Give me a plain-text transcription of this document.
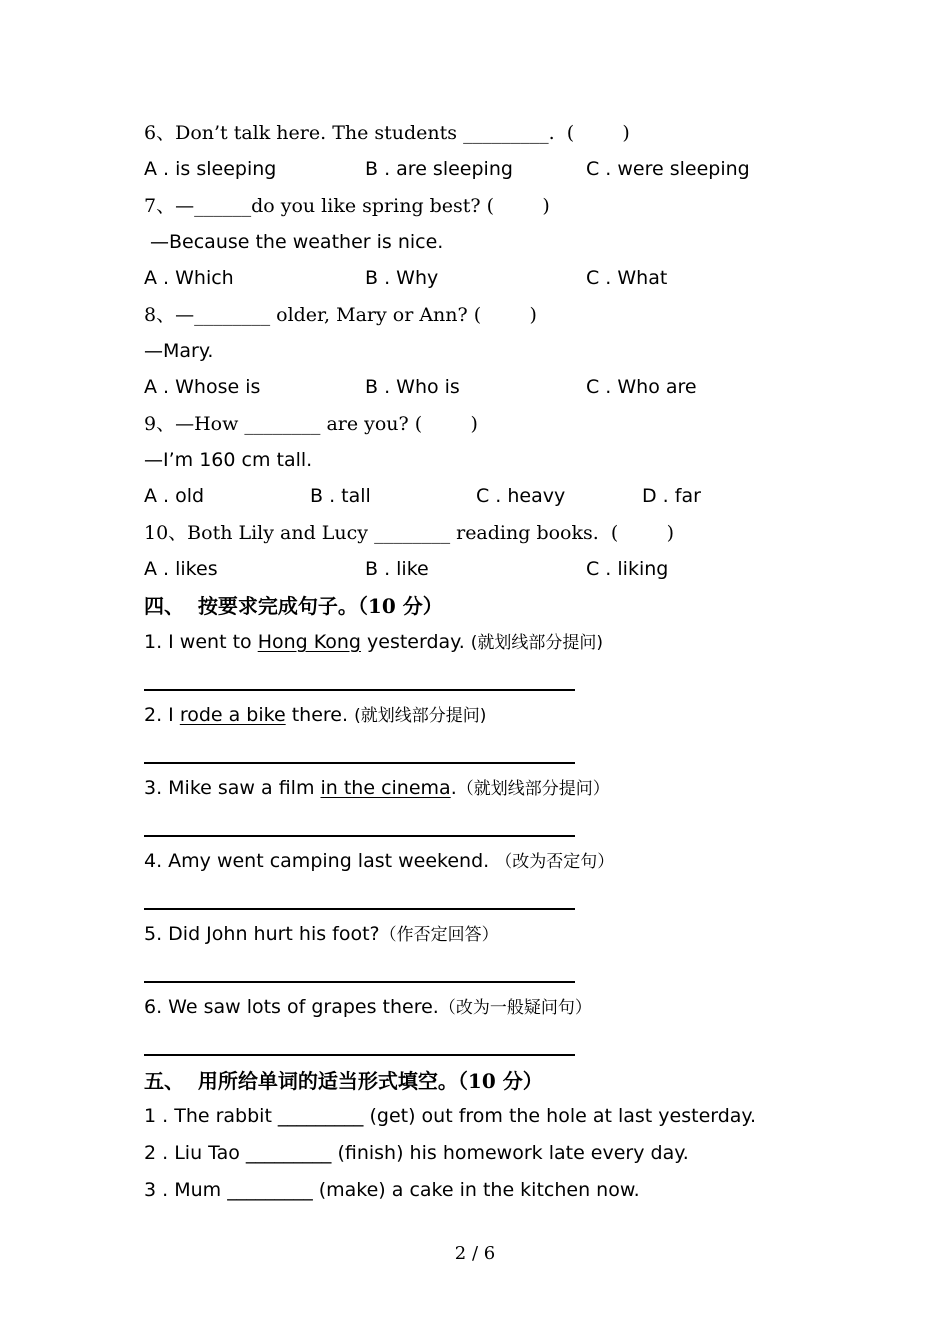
6、Don’t talk here. The students _________.  (        )
A . is sleeping	B . are sleeping	C . were sleeping
7、—______do you like spring best? (        )
—Because the weather is nice.
A . Which	B . Why	C . What
8、—________ older, Mary or Ann? (        )
—Mary.
A . Whose is	B . Who is	C . Who are
9、—How ________ are you? (        )
—I’m 160 cm tall.
A . old	B . tall	C . heavy	D . far
10、Both Lily and Lucy ________ reading books.  (        )
A . likes	B . like	C . liking
四、  按要求完成句子。（10 分）
1. I went to Hong Kong yesterday. (就划线部分提问)
2. I rode a bike there. (就划线部分提问)
3. Mike saw a film in the cinema.（就划线部分提问）
4. Amy went camping last weekend. （改为否定句）
5. Did John hurt his foot?（作否定回答）
6. We saw lots of grapes there.（改为一般疑问句）
五、  用所给单词的适当形式填空。（10 分）
1 . The rabbit _________ (get) out from the hole at last yesterday.
2 . Liu Tao _________ (finish) his homework late every day.
3 . Mum _________ (make) a cake in the kitchen now.
2 / 6
